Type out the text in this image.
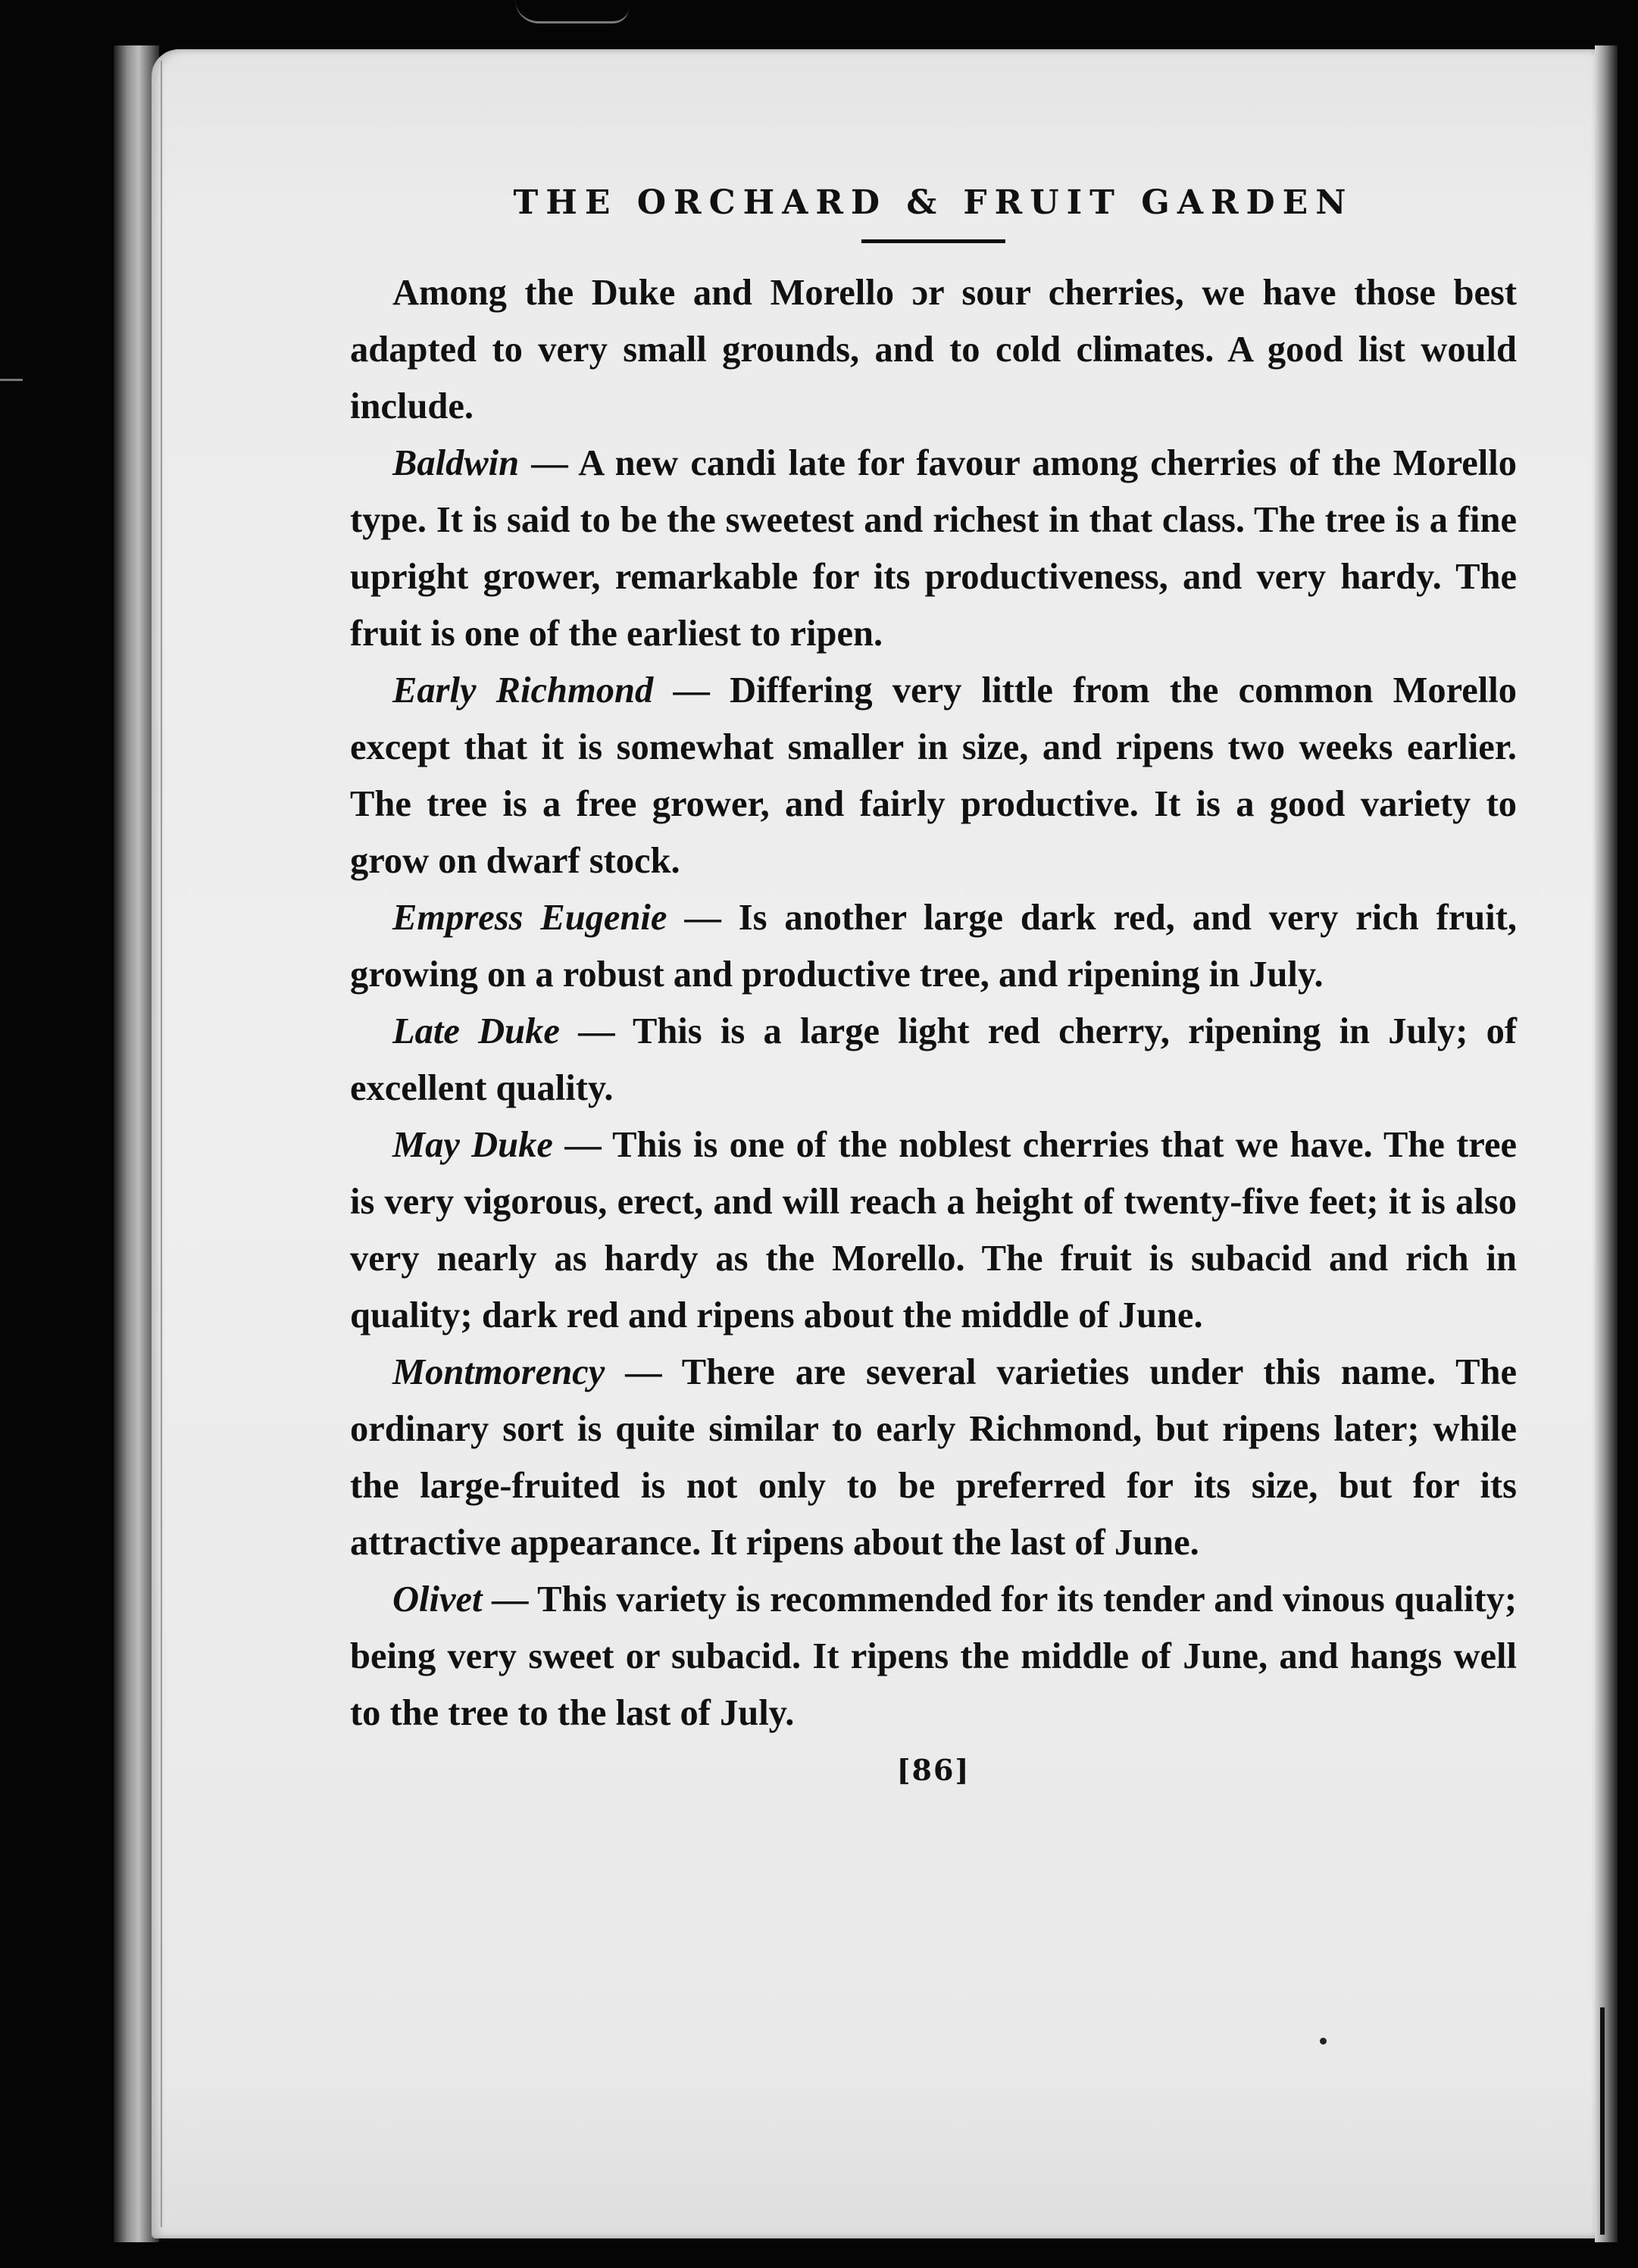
THE ORCHARD & FRUIT GARDEN

Among the Duke and Morello ɔr sour cherries, we have those best adapted to very small grounds, and to cold climates. A good list would include.

Baldwin — A new candi late for favour among cherries of the Morello type. It is said to be the sweetest and richest in that class. The tree is a fine upright grower, remarkable for its productiveness, and very hardy. The fruit is one of the earliest to ripen.

Early Richmond — Differing very little from the common Morello except that it is somewhat smaller in size, and ripens two weeks earlier. The tree is a free grower, and fairly productive. It is a good variety to grow on dwarf stock.

Empress Eugenie — Is another large dark red, and very rich fruit, growing on a robust and productive tree, and ripening in July.

Late Duke — This is a large light red cherry, ripening in July; of excellent quality.

May Duke — This is one of the noblest cherries that we have. The tree is very vigorous, erect, and will reach a height of twenty-five feet; it is also very nearly as hardy as the Morello. The fruit is subacid and rich in quality; dark red and ripens about the middle of June.

Montmorency — There are several varieties under this name. The ordinary sort is quite similar to early Richmond, but ripens later; while the large-fruited is not only to be preferred for its size, but for its attractive appearance. It ripens about the last of June.

Olivet — This variety is recommended for its tender and vinous quality; being very sweet or subacid. It ripens the middle of June, and hangs well to the tree to the last of July.

[86]
